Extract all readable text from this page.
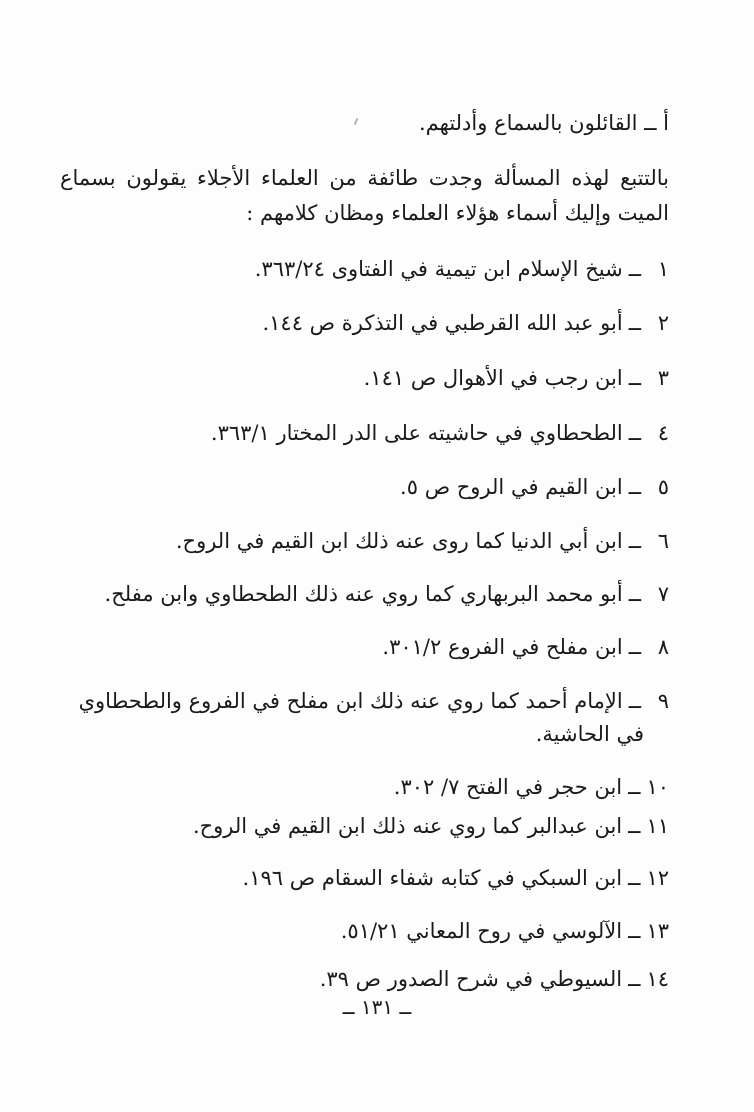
أ ــ القائلون بالسماع وأدلتهم.
بالتتبع لهذه المسألة وجدت طائفة من العلماء الأجلاء يقولون بسماع
الميت وإليك أسماء هؤلاء العلماء ومظان كلامهم :
١ــشيخ الإسلام ابن تيمية في الفتاوى ٣٦٣/٢٤.
٢ــأبو عبد الله القرطبي في التذكرة ص ١٤٤.
٣ــابن رجب في الأهوال ص ١٤١.
٤ــالطحطاوي في حاشيته على الدر المختار ٣٦٣/١.
٥ــابن القيم في الروح ص ٥.
٦ــابن أبي الدنيا كما روى عنه ذلك ابن القيم في الروح.
٧ــأبو محمد البربهاري كما روي عنه ذلك الطحطاوي وابن مفلح.
٨ــابن مفلح في الفروع ٣٠١/٢.
٩ــالإمام أحمد كما روي عنه ذلك ابن مفلح في الفروع والطحطاوي
في الحاشية.
١٠ــابن حجر في الفتح ٧/ ٣٠٢.
١١ــابن عبدالبر كما روي عنه ذلك ابن القيم في الروح.
١٢ــابن السبكي في كتابه شفاء السقام ص ١٩٦.
١٣ــالآلوسي في روح المعاني ٥١/٢١.
١٤ــالسيوطي في شرح الصدور ص ٣٩.
ــ ١٣١ ــ
